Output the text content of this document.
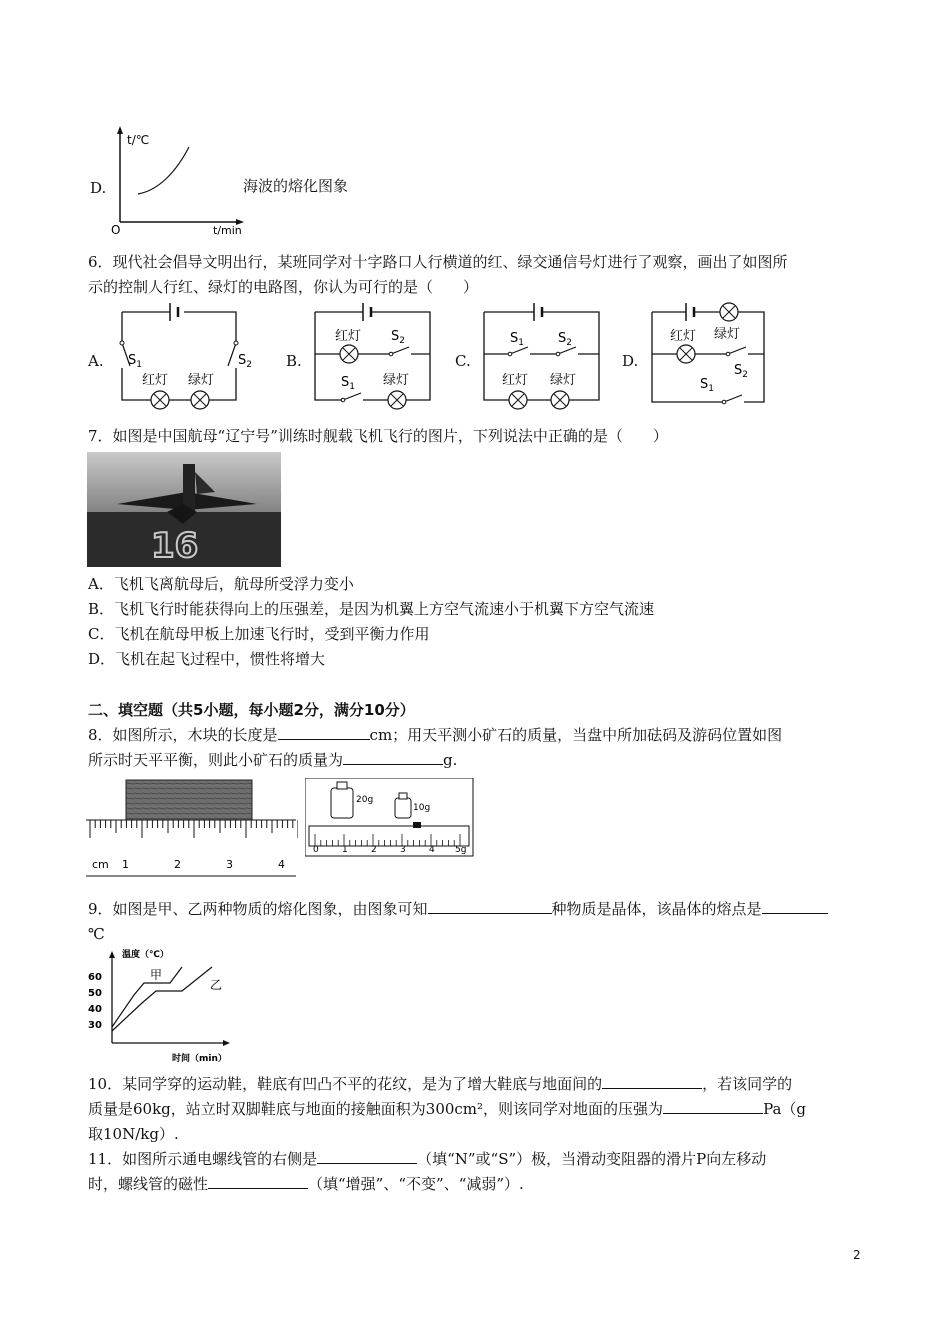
D.
t/℃
O	t/min
海波的熔化图象
6．现代社会倡导文明出行，某班同学对十字路口人行横道的红、绿交通信号灯进行了观察，画出了如图所
示的控制人行红、绿灯的电路图，你认为可行的是（　　）
A. $S_1$	$S_2$
红灯 绿灯
B.
红灯 $S_2$
$S_1$ 绿灯
C.
$S_1$	$S_2$
红灯 绿灯
D.
红灯 绿灯
$S_2$
$S_1$
7．如图是中国航母“辽宁号”训练时舰载飞机飞行的图片，下列说法中正确的是（　　）
16
A．飞机飞离航母后，航母所受浮力变小
B．飞机飞行时能获得向上的压强差，是因为机翼上方空气流速小于机翼下方空气流速
C．飞机在航母甲板上加速飞行时，受到平衡力作用
D．飞机在起飞过程中，惯性将增大
二、填空题（共5小题，每小题2分，满分10分）
8．如图所示，木块的长度是	cm；用天平测小矿石的质量，当盘中所加砝码及游码位置如图
所示时天平平衡，则此小矿石的质量为	g.
cm 1	2	3	4
20g
10g
0	1	2	3	4 5g
9．如图是甲、乙两种物质的熔化图象，由图象可知	种物质是晶体，该晶体的熔点是
℃
温度（℃）
60
50
40
30
甲
乙
时间（min）
10．某同学穿的运动鞋，鞋底有凹凸不平的花纹，是为了增大鞋底与地面间的	，若该同学的
质量是60kg，站立时双脚鞋底与地面的接触面积为300cm²，则该同学对地面的压强为	Pa（g
取10N/kg）.
11．如图所示通电螺线管的右侧是	（填“N”或“S”）极，当滑动变阻器的滑片P向左移动
时，螺线管的磁性	（填“增强”、“不变”、“减弱”）.
2
